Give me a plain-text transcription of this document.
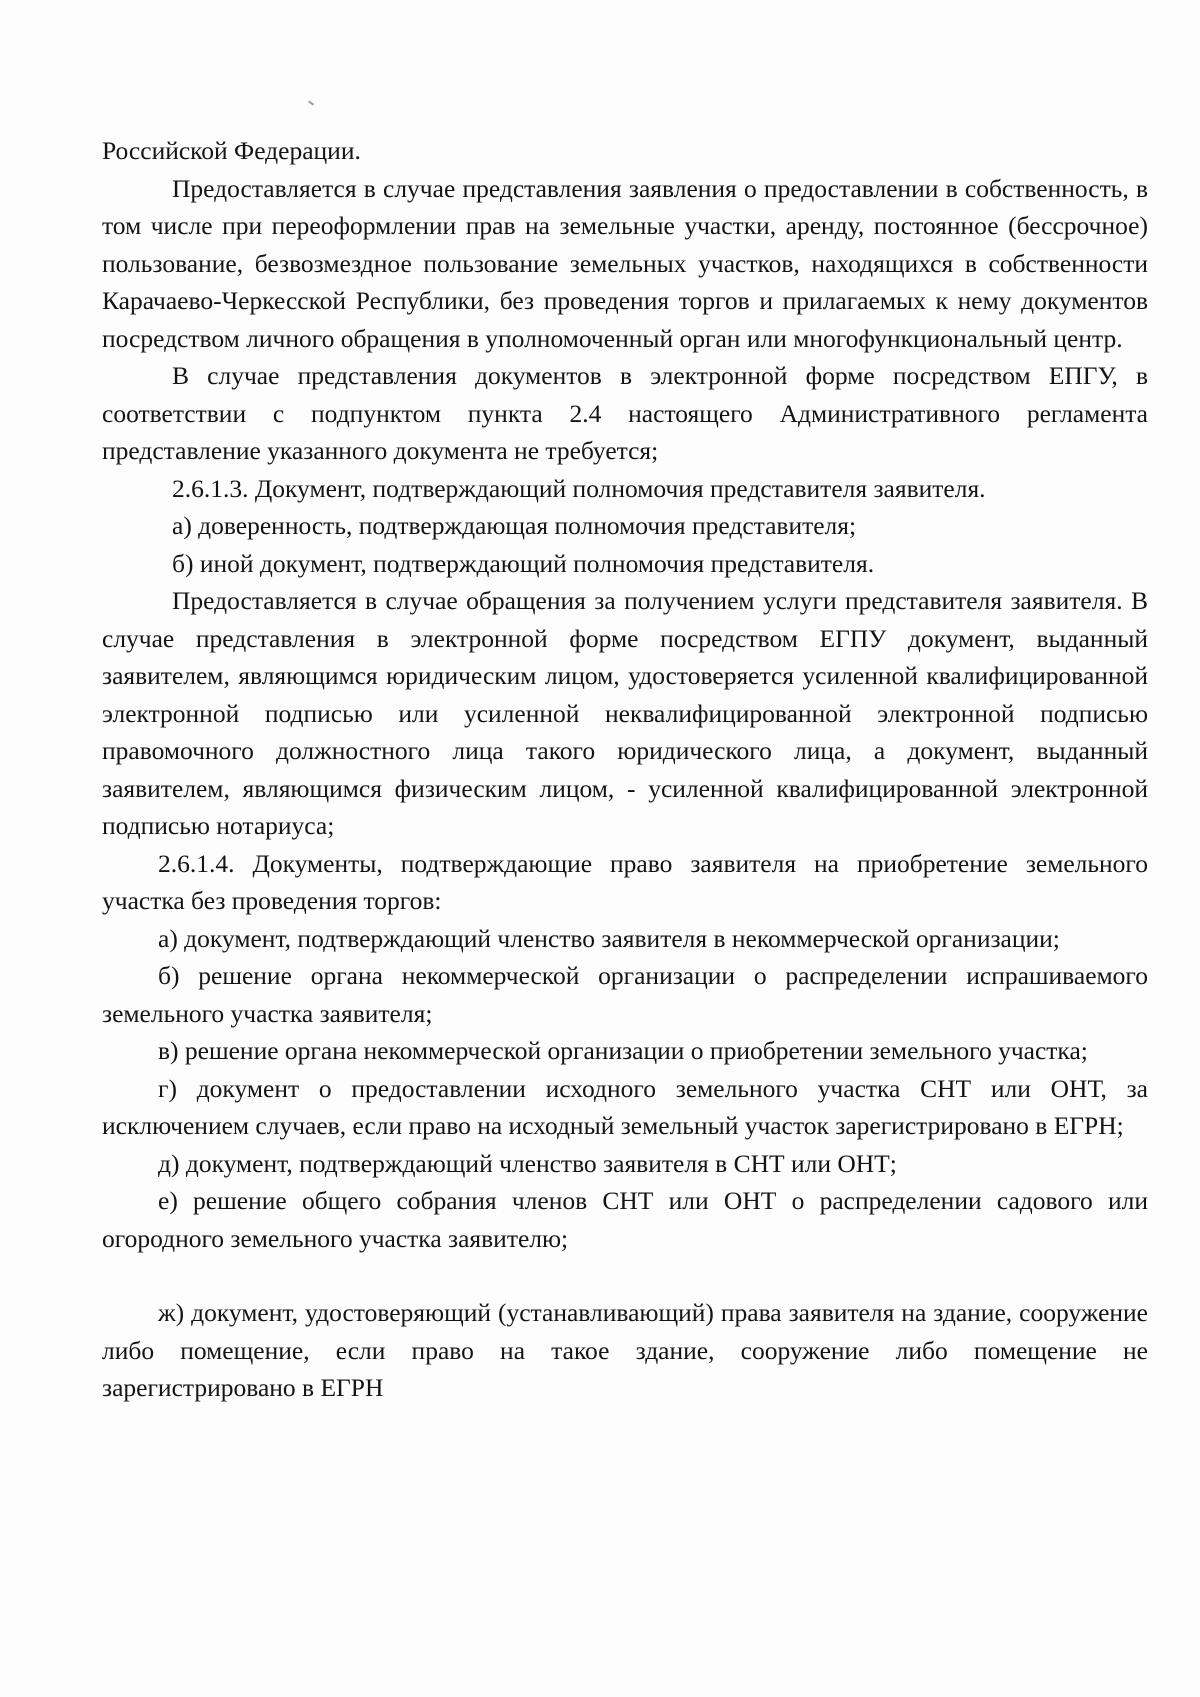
Российской Федерации.

Предоставляется в случае представления заявления о предоставлении в собственность, в том числе при переоформлении прав на земельные участки, аренду, постоянное (бессрочное) пользование, безвозмездное пользование земельных участков, находящихся в собственности Карачаево-Черкесской Республики, без проведения торгов и прилагаемых к нему документов посредством личного обращения в уполномоченный орган или многофункциональный центр.

В случае представления документов в электронной форме посредством ЕПГУ, в соответствии с подпунктом пункта 2.4 настоящего Административного регламента представление указанного документа не требуется;

2.6.1.3. Документ, подтверждающий полномочия представителя заявителя.

а) доверенность, подтверждающая полномочия представителя;

б) иной документ, подтверждающий полномочия представителя.

Предоставляется в случае обращения за получением услуги представителя заявителя. В случае представления в электронной форме посредством ЕГПУ документ, выданный заявителем, являющимся юридическим лицом, удостоверяется усиленной квалифицированной электронной подписью или усиленной неквалифицированной электронной подписью правомочного должностного лица такого юридического лица, а документ, выданный заявителем, являющимся физическим лицом, - усиленной квалифицированной электронной подписью нотариуса;

2.6.1.4. Документы, подтверждающие право заявителя на приобретение земельного участка без проведения торгов:

а) документ, подтверждающий членство заявителя в некоммерческой организации;

б) решение органа некоммерческой организации о распределении испрашиваемого земельного участка заявителя;

в) решение органа некоммерческой организации о приобретении земельного участка;

г) документ о предоставлении исходного земельного участка СНТ или ОНТ, за исключением случаев, если право на исходный земельный участок зарегистрировано в ЕГРН;

д) документ, подтверждающий членство заявителя в СНТ или ОНТ;

е) решение общего собрания членов СНТ или ОНТ о распределении садового или огородного земельного участка заявителю;

ж) документ, удостоверяющий (устанавливающий) права заявителя на здание, сооружение либо помещение, если право на такое здание, сооружение либо помещение не зарегистрировано в ЕГРН
